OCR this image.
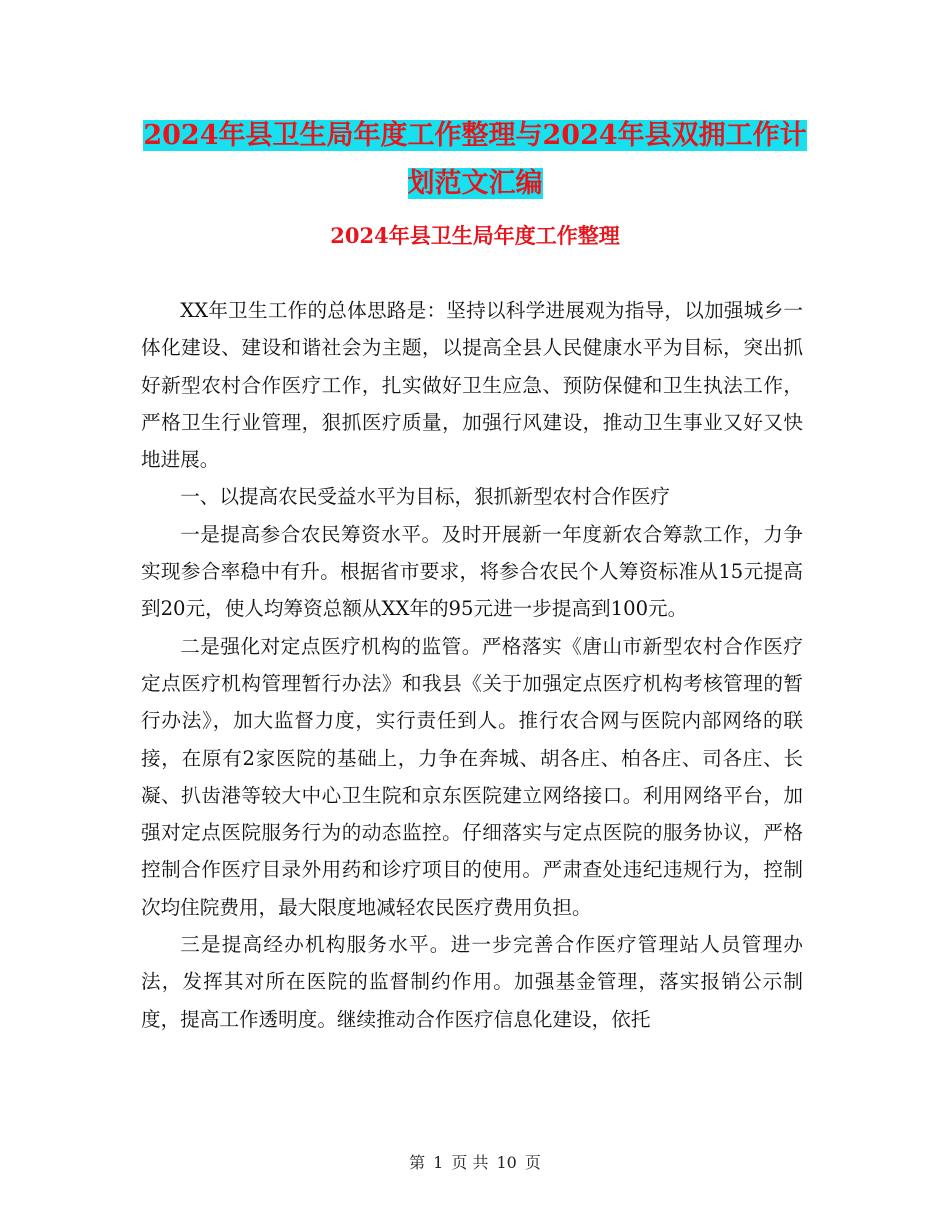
2024年县卫生局年度工作整理与2024年县双拥工作计
划范文汇编
2024年县卫生局年度工作整理

XX年卫生工作的总体思路是：坚持以科学进展观为指导，以加强城乡一体化建设、建设和谐社会为主题，以提高全县人民健康水平为目标，突出抓好新型农村合作医疗工作，扎实做好卫生应急、预防保健和卫生执法工作，严格卫生行业管理，狠抓医疗质量，加强行风建设，推动卫生事业又好又快地进展。

一、以提高农民受益水平为目标，狠抓新型农村合作医疗

一是提高参合农民筹资水平。及时开展新一年度新农合筹款工作，力争实现参合率稳中有升。根据省市要求，将参合农民个人筹资标准从15元提高到20元，使人均筹资总额从XX年的95元进一步提高到100元。

二是强化对定点医疗机构的监管。严格落实《唐山市新型农村合作医疗定点医疗机构管理暂行办法》和我县《关于加强定点医疗机构考核管理的暂行办法》，加大监督力度，实行责任到人。推行农合网与医院内部网络的联接，在原有2家医院的基础上，力争在奔城、胡各庄、柏各庄、司各庄、长凝、扒齿港等较大中心卫生院和京东医院建立网络接口。利用网络平台，加强对定点医院服务行为的动态监控。仔细落实与定点医院的服务协议，严格控制合作医疗目录外用药和诊疗项目的使用。严肃查处违纪违规行为，控制次均住院费用，最大限度地减轻农民医疗费用负担。

三是提高经办机构服务水平。进一步完善合作医疗管理站人员管理办法，发挥其对所在医院的监督制约作用。加强基金管理，落实报销公示制度，提高工作透明度。继续推动合作医疗信息化建设，依托

第 1 页 共 10 页
